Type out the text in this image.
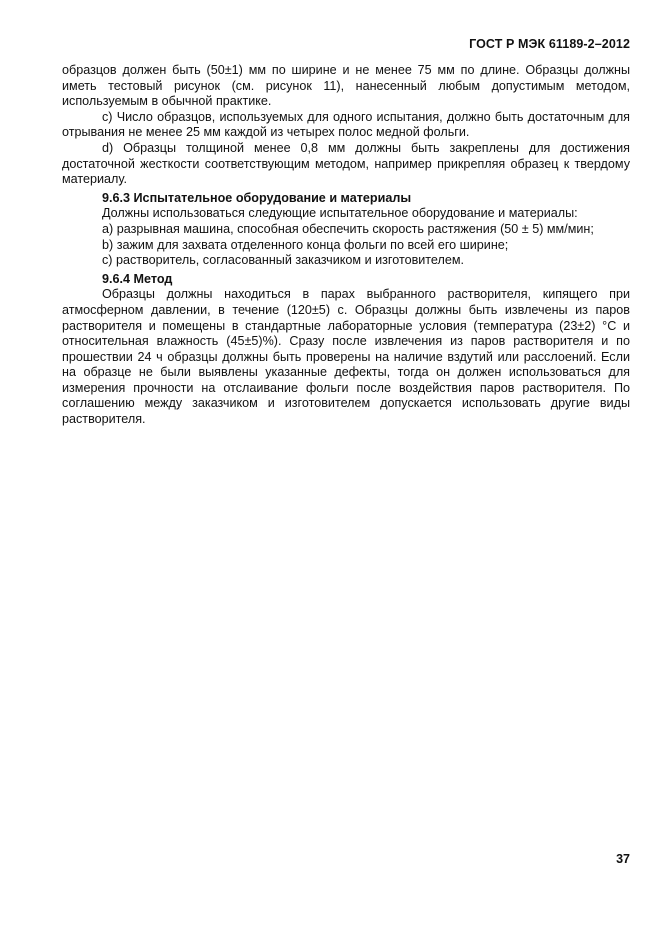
ГОСТ Р МЭК 61189-2–2012

образцов должен быть (50±1) мм по ширине и не менее 75 мм по длине. Образцы должны иметь тестовый рисунок (см. рисунок 11), нанесенный любым допустимым методом, используемым в обычной практике.

c) Число образцов, используемых для одного испытания, должно быть достаточным для отрывания не менее 25 мм каждой из четырех полос медной фольги.

d) Образцы толщиной менее 0,8 мм должны быть закреплены для достижения достаточной жесткости соответствующим методом, например прикрепляя образец к твердому материалу.

9.6.3 Испытательное оборудование и материалы

Должны использоваться следующие испытательное оборудование и материалы:

a) разрывная машина, способная обеспечить скорость растяжения (50 ± 5) мм/мин;

b) зажим для захвата отделенного конца фольги по всей его ширине;

c) растворитель, согласованный заказчиком и изготовителем.

9.6.4 Метод

Образцы должны находиться в парах выбранного растворителя, кипящего при атмосферном давлении, в течение (120±5) с. Образцы должны быть извлечены из паров растворителя и помещены в стандартные лабораторные условия (температура (23±2) °С и относительная влажность (45±5)%). Сразу после извлечения из паров растворителя и по прошествии 24 ч образцы должны быть проверены на наличие вздутий или расслоений. Если на образце не были выявлены указанные дефекты, тогда он должен использоваться для измерения прочности на отслаивание фольги после воздействия паров растворителя. По соглашению между заказчиком и изготовителем допускается использовать другие виды растворителя.

37
